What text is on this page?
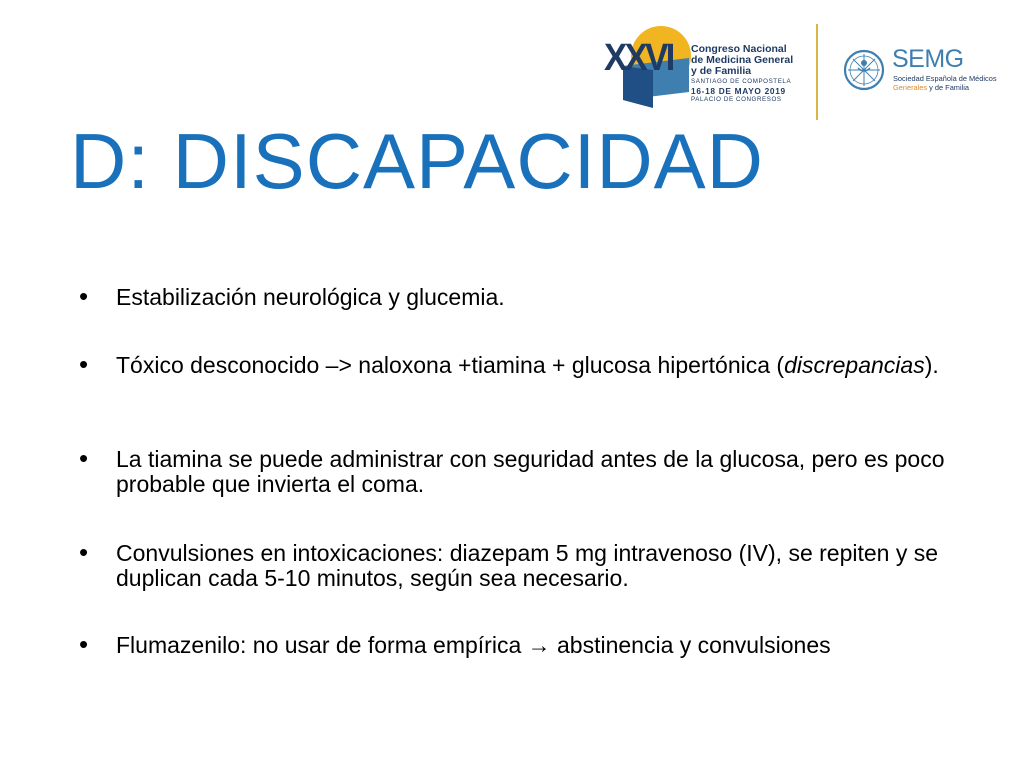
XXVI Congreso Nacional
de Medicina General
y de Familia
SANTIAGO DE COMPOSTELA
16-18 DE MAYO 2019
PALACIO DE CONGRESOS
SEMG
Sociedad Española de Médicos
Generales y de Familia
D: DISCAPACIDAD
• Estabilización neurológica y glucemia.
• Tóxico desconocido –> naloxona +tiamina + glucosa hipertónica (discrepancias).
• La tiamina se puede administrar con seguridad antes de la glucosa, pero es poco probable que invierta el coma.
• Convulsiones en intoxicaciones: diazepam 5 mg intravenoso (IV), se repiten y se duplican cada 5-10 minutos, según sea necesario.
• Flumazenilo: no usar de forma empírica → abstinencia y convulsiones
